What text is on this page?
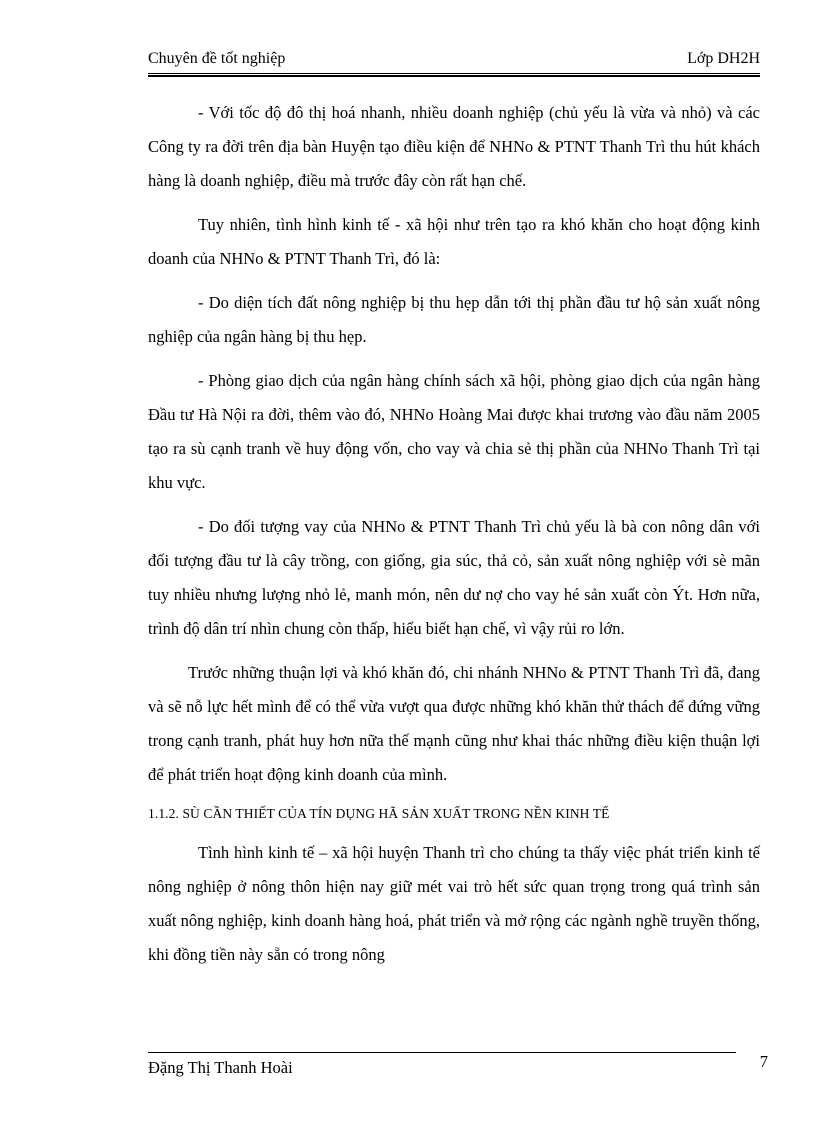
Chuyên đề tốt nghiệp	Lớp DH2H

- Với tốc độ đô thị hoá nhanh, nhiều doanh nghiệp (chủ yếu là vừa và nhỏ) và các Công ty ra đời trên địa bàn Huyện tạo điều kiện để NHNo & PTNT Thanh Trì thu hút khách hàng là doanh nghiệp, điều mà trước đây còn rất hạn chế.

Tuy nhiên, tình hình kinh tế - xã hội như trên tạo ra khó khăn cho hoạt động kinh doanh của NHNo & PTNT Thanh Trì, đó là:

- Do diện tích đất nông nghiệp bị thu hẹp dẫn tới thị phần đầu tư hộ sản xuất nông nghiệp của ngân hàng bị thu hẹp.

- Phòng giao dịch của ngân hàng chính sách xã hội, phòng giao dịch của ngân hàng Đầu tư Hà Nội ra đời, thêm vào đó, NHNo Hoàng Mai được khai trương vào đầu năm 2005 tạo ra sù cạnh tranh về huy động vốn, cho vay và chia sẻ thị phần của NHNo Thanh Trì tại khu vực.

- Do đối tượng vay của NHNo & PTNT Thanh Trì chủ yếu là bà con nông dân với đối tượng đầu tư là cây trồng, con giống, gia súc, thả cỏ, sản xuất nông nghiệp với sè mãn tuy nhiều nhưng lượng nhỏ lẻ, manh món, nên dư nợ cho vay hé sản xuất còn Ýt. Hơn nữa, trình độ dân trí nhìn chung còn thấp, hiểu biết hạn chế, vì vậy rủi ro lớn.

Trước những thuận lợi và khó khăn đó, chi nhánh NHNo & PTNT Thanh Trì đã, đang và sẽ nỗ lực hết mình để có thể vừa vượt qua được những khó khăn thử thách để đứng vững trong cạnh tranh, phát huy hơn nữa thế mạnh cũng như khai thác những điều kiện thuận lợi để phát triển hoạt động kinh doanh của mình.

1.1.2. SÙ CẦN THIẾT CỦA TÍN DỤNG HÃ SẢN XUẤT TRONG NỀN KINH TẾ

Tình hình kinh tế – xã hội huyện Thanh trì cho chúng ta thấy việc phát triển kinh tế nông nghiệp ở nông thôn hiện nay giữ mét vai trò hết sức quan trọng trong quá trình sản xuất nông nghiệp, kinh doanh hàng hoá, phát triển và mở rộng các ngành nghề truyền thống, khi đồng tiền này sẵn có trong nông

Đặng Thị Thanh Hoài	7
